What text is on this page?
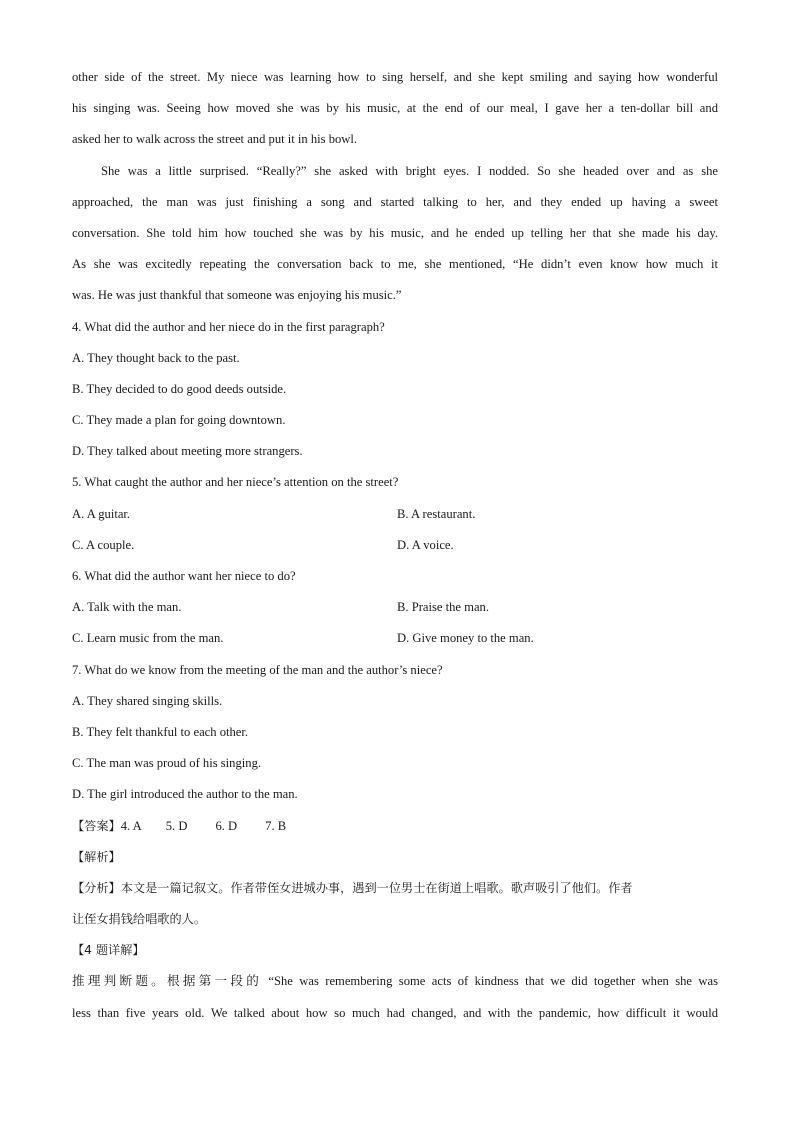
other side of the street. My niece was learning how to sing herself, and she kept smiling and saying how wonderful
his singing was. Seeing how moved she was by his music, at the end of our meal, I gave her a ten-dollar bill and
asked her to walk across the street and put it in his bowl.
She was a little surprised. “Really?” she asked with bright eyes. I nodded. So she headed over and as she
approached, the man was just finishing a song and started talking to her, and they ended up having a sweet
conversation. She told him how touched she was by his music, and he ended up telling her that she made his day.
As she was excitedly repeating the conversation back to me, she mentioned, “He didn’t even know how much it
was. He was just thankful that someone was enjoying his music.”
4. What did the author and her niece do in the first paragraph?
A. They thought back to the past.
B. They decided to do good deeds outside.
C. They made a plan for going downtown.
D. They talked about meeting more strangers.
5. What caught the author and her niece’s attention on the street?
A. A guitar.	B. A restaurant.
C. A couple.	D. A voice.
6. What did the author want her niece to do?
A. Talk with the man.	B. Praise the man.
C. Learn music from the man.	D. Give money to the man.
7. What do we know from the meeting of the man and the author’s niece?
A. They shared singing skills.
B. They felt thankful to each other.
C. The man was proud of his singing.
D. The girl introduced the author to the man.
【答案】4. A 5. D 6. D 7. B
【解析】
【分析】本文是一篇记叙文。作者带侄女进城办事，遇到一位男士在街道上唱歌。歌声吸引了他们。作者
让侄女捐钱给唱歌的人。
【4 题详解】
推理判断题。根据第一段的 “She was remembering some acts of kindness that we did together when she was
less than five years old. We talked about how so much had changed, and with the pandemic, how difficult it would
